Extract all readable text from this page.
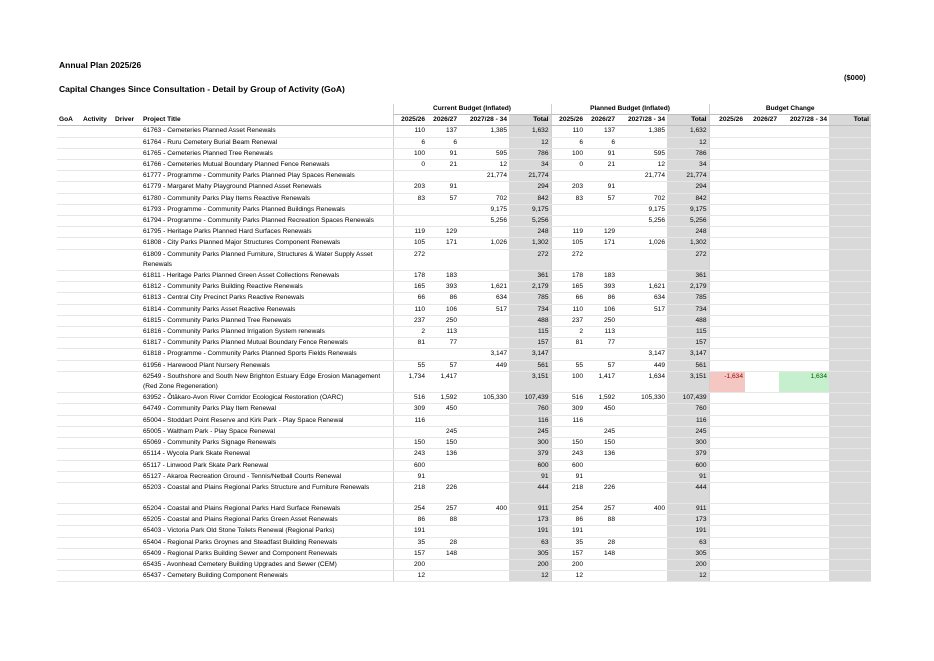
Annual Plan 2025/26
($000)
Capital Changes Since Consultation - Detail by Group of Activity (GoA)
				Current Budget (Inflated)				Planned Budget (Inflated)				Budget Change			
GoA	Activity	Driver	Project Title	2025/26	2026/27	2027/28 - 34	Total	2025/26	2026/27	2027/28 - 34	Total	2025/26	2026/27	2027/28 - 34	Total
			61763 - Cemeteries Planned Asset Renewals	110	137	1,385	1,632	110	137	1,385	1,632				
			61764 - Ruru Cemetery Burial Beam Renewal	6	6		12	6	6		12				
			61765 - Cemeteries Planned Tree Renewals	100	91	595	786	100	91	595	786				
			61766 - Cemeteries Mutual Boundary Planned Fence Renewals	0	21	12	34	0	21	12	34				
			61777 - Programme - Community Parks Planned Play Spaces Renewals			21,774	21,774			21,774	21,774				
			61779 - Margaret Mahy Playground Planned Asset Renewals	203	91		294	203	91		294				
			61780 - Community Parks Play Items Reactive Renewals	83	57	702	842	83	57	702	842				
			61793 - Programme - Community Parks Planned Buildings Renewals			9,175	9,175			9,175	9,175				
			61794 - Programme - Community Parks Planned Recreation Spaces Renewals			5,256	5,256			5,256	5,256				
			61795 - Heritage Parks Planned Hard Surfaces Renewals	119	129		248	119	129		248				
			61808 - City Parks Planned Major Structures Component Renewals	105	171	1,026	1,302	105	171	1,026	1,302				
			61809 - Community Parks Planned Furniture, Structures & Water Supply Asset Renewals	272			272	272			272				
			61811 - Heritage Parks Planned Green Asset Collections Renewals	178	183		361	178	183		361				
			61812 - Community Parks Building Reactive Renewals	165	393	1,621	2,179	165	393	1,621	2,179				
			61813 - Central City Precinct Parks Reactive Renewals	66	86	634	785	66	86	634	785				
			61814 - Community Parks Asset Reactive Renewals	110	106	517	734	110	106	517	734				
			61815 - Community Parks Planned Tree Renewals	237	250		488	237	250		488				
			61816 - Community Parks Planned Irrigation System renewals	2	113		115	2	113		115				
			61817 - Community Parks Planned Mutual Boundary Fence Renewals	81	77		157	81	77		157				
			61818 - Programme - Community Parks Planned Sports Fields Renewals			3,147	3,147			3,147	3,147				
			61956 - Harewood Plant Nursery Renewals	55	57	449	561	55	57	449	561				
			62549 - Southshore and South New Brighton Estuary Edge Erosion Management (Red Zone Regeneration)	1,734	1,417		3,151	100	1,417	1,634	3,151	-1,634		1,634	
			63952 - Ōtākaro-Avon River Corridor Ecological Restoration (OARC)	516	1,592	105,330	107,439	516	1,592	105,330	107,439				
			64749 - Community Parks Play Item Renewal	309	450		760	309	450		760				
			65004 - Stoddart Point Reserve and Kirk Park - Play Space Renewal	116			116	116			116				
			65005 - Waltham Park - Play Space Renewal		245		245		245		245				
			65069 - Community Parks Signage Renewals	150	150		300	150	150		300				
			65114 - Wycola Park Skate Renewal	243	136		379	243	136		379				
			65117 - Linwood Park Skate Park Renewal	600			600	600			600				
			65127 - Akaroa Recreation Ground - Tennis/Netball Courts Renewal	91			91	91			91				
			65203 - Coastal and Plains Regional Parks Structure and Furniture Renewals	218	226		444	218	226		444				
			65204 - Coastal and Plains Regional Parks Hard Surface Renewals	254	257	400	911	254	257	400	911				
			65205 - Coastal and Plains Regional Parks Green Asset Renewals	86	88		173	86	88		173				
			65403 - Victoria Park Old Stone Toilets Renewal (Regional Parks)	191			191	191			191				
			65404 - Regional Parks Groynes and Steadfast Building Renewals	35	28		63	35	28		63				
			65409 - Regional Parks Building Sewer and Component Renewals	157	148		305	157	148		305				
			65435 - Avonhead Cemetery Building Upgrades and Sewer (CEM)	200			200	200			200				
			65437 - Cemetery Building Component Renewals	12			12	12			12				
